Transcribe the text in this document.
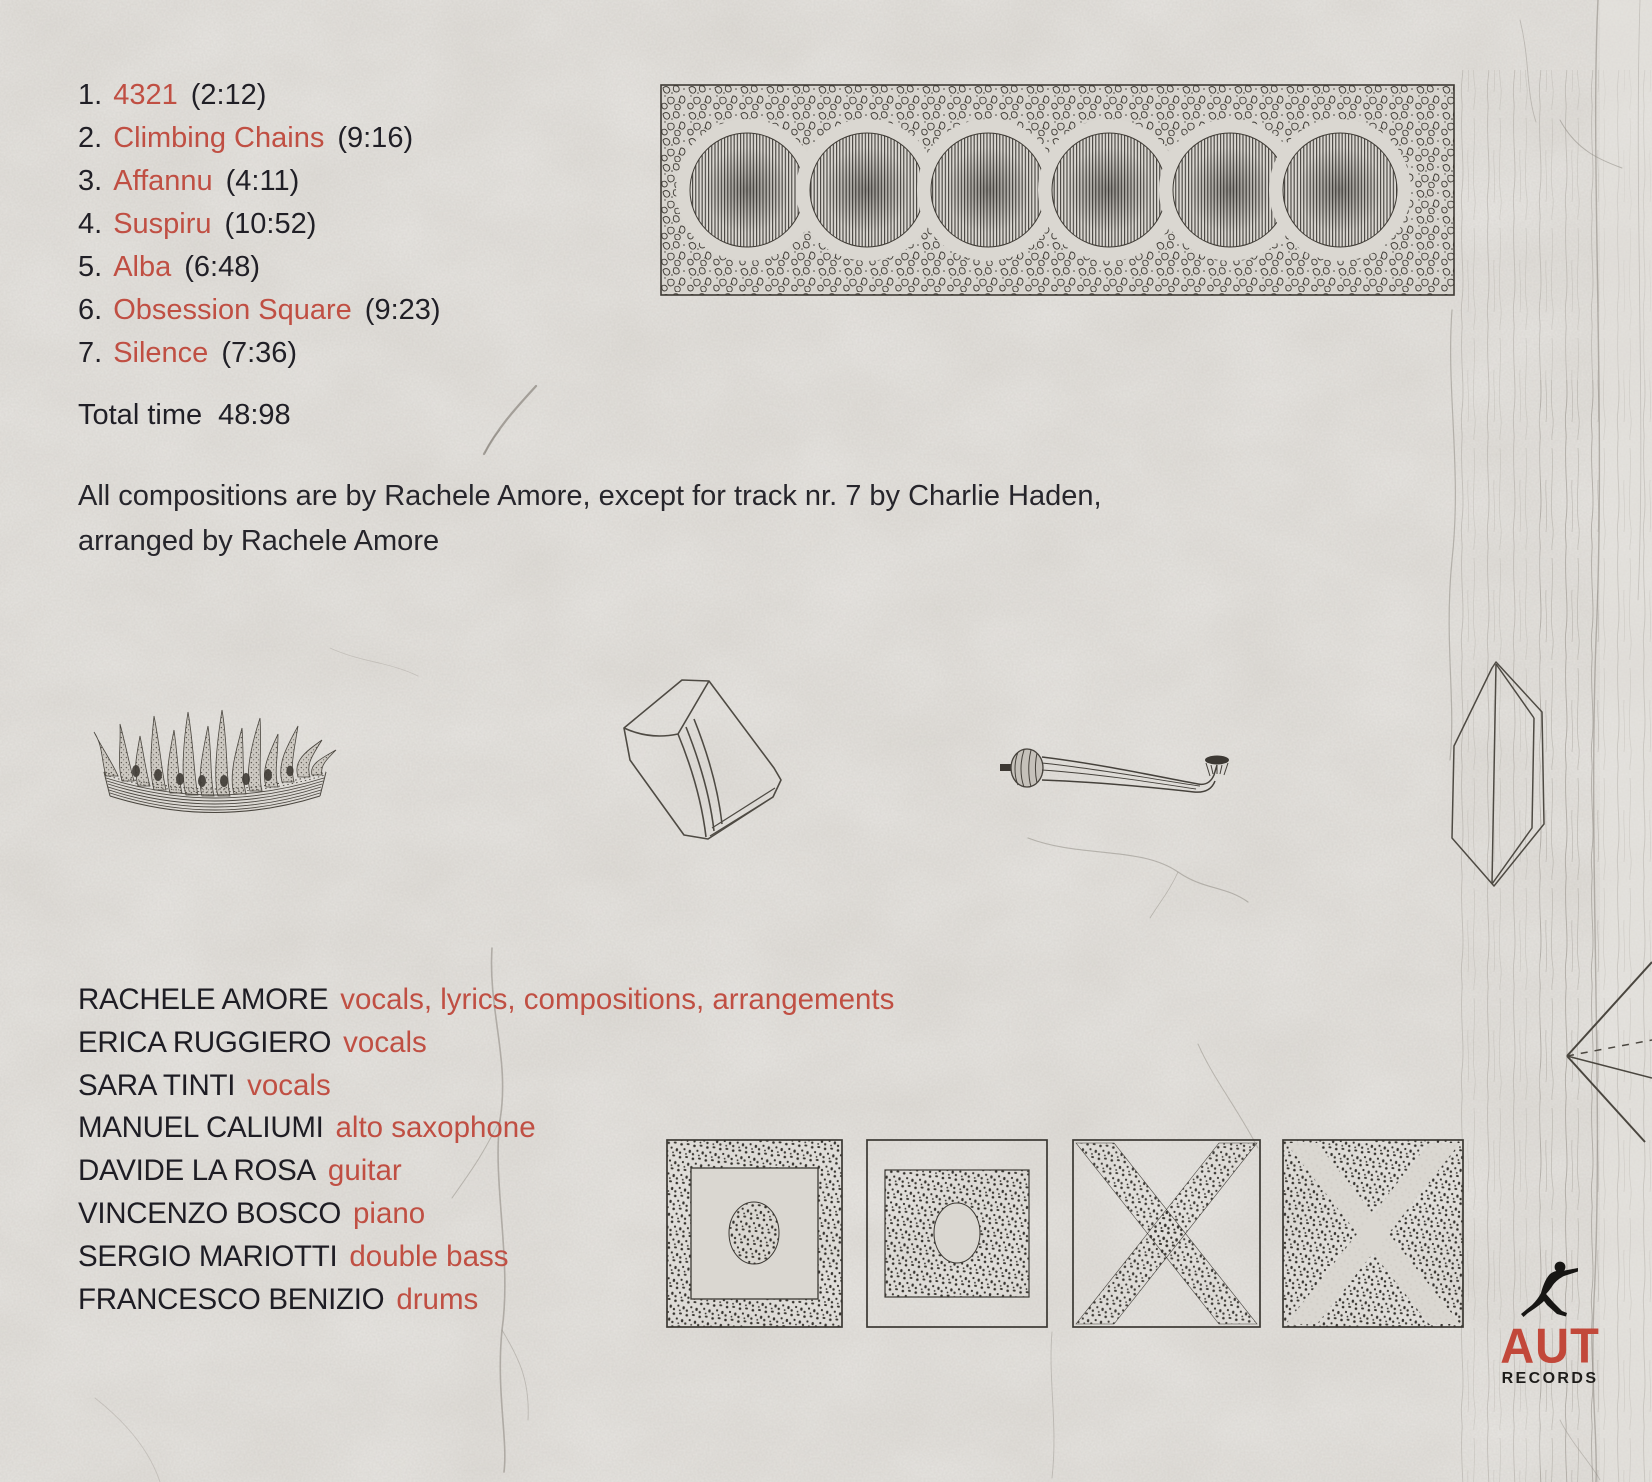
1. 4321 (2:12)
2. Climbing Chains (9:16)
3. Affannu (4:11)
4. Suspiru (10:52)
5. Alba (6:48)
6. Obsession Square (9:23)
7. Silence (7:36)
Total time 48:98
All compositions are by Rachele Amore, except for track nr. 7 by Charlie Haden,
arranged by Rachele Amore
RACHELE AMORE vocals, lyrics, compositions, arrangements
ERICA RUGGIERO vocals
SARA TINTI vocals
MANUEL CALIUMI alto saxophone
DAVIDE LA ROSA guitar
VINCENZO BOSCO piano
SERGIO MARIOTTI double bass
FRANCESCO BENIZIO drums
AUT
RECORDS
